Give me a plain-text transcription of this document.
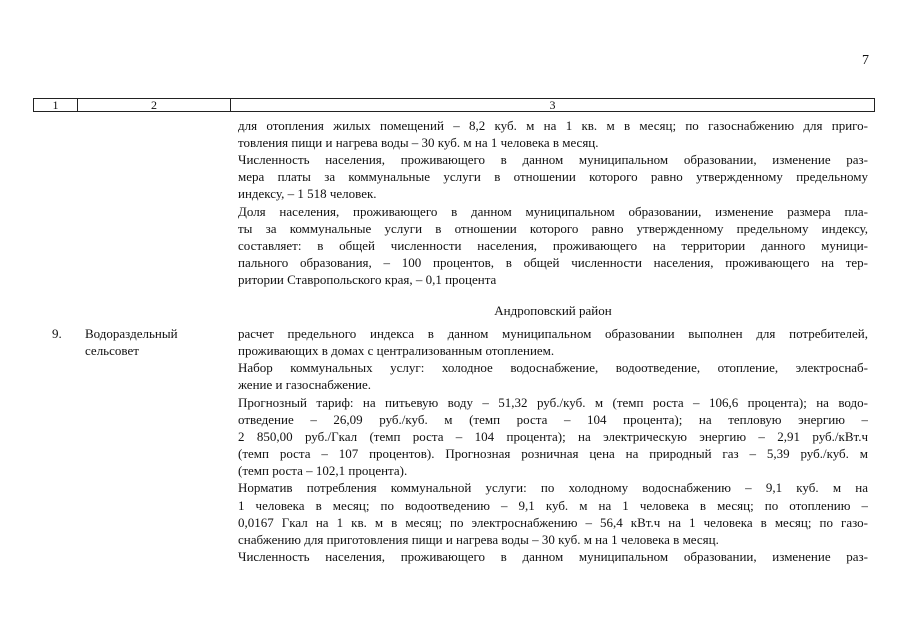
7
1	2	3
для отопления жилых помещений – 8,2 куб. м на 1 кв. м в месяц; по газоснабжению для приго-
товления пищи и нагрева воды – 30 куб. м на 1 человека в месяц.
Численность населения, проживающего в данном муниципальном образовании, изменение раз-
мера платы за коммунальные услуги в отношении которого равно утвержденному предельному
индексу, – 1 518 человек.
Доля населения, проживающего в данном муниципальном образовании, изменение размера пла-
ты за коммунальные услуги в отношении которого равно утвержденному предельному индексу,
составляет: в общей численности населения, проживающего на территории данного муници-
пального образования, – 100 процентов, в общей численности населения, проживающего на тер-
ритории Ставропольского края, – 0,1 процента
Андроповский район
9. Водораздельный
сельсовет
расчет предельного индекса в данном муниципальном образовании выполнен для потребителей,
проживающих в домах с централизованным отоплением.
Набор коммунальных услуг: холодное водоснабжение, водоотведение, отопление, электроснаб-
жение и газоснабжение.
Прогнозный тариф: на питьевую воду – 51,32 руб./куб. м (темп роста – 106,6 процента); на водо-
отведение – 26,09 руб./куб. м (темп роста – 104 процента); на тепловую энергию –
2 850,00 руб./Гкал (темп роста – 104 процента); на электрическую энергию – 2,91 руб./кВт.ч
(темп роста – 107 процентов). Прогнозная розничная цена на природный газ – 5,39 руб./куб. м
(темп роста – 102,1 процента).
Норматив потребления коммунальной услуги: по холодному водоснабжению – 9,1 куб. м на
1 человека в месяц; по водоотведению – 9,1 куб. м на 1 человека в месяц; по отоплению –
0,0167 Гкал на 1 кв. м в месяц; по электроснабжению – 56,4 кВт.ч на 1 человека в месяц; по газо-
снабжению для приготовления пищи и нагрева воды – 30 куб. м на 1 человека в месяц.
Численность населения, проживающего в данном муниципальном образовании, изменение раз-
